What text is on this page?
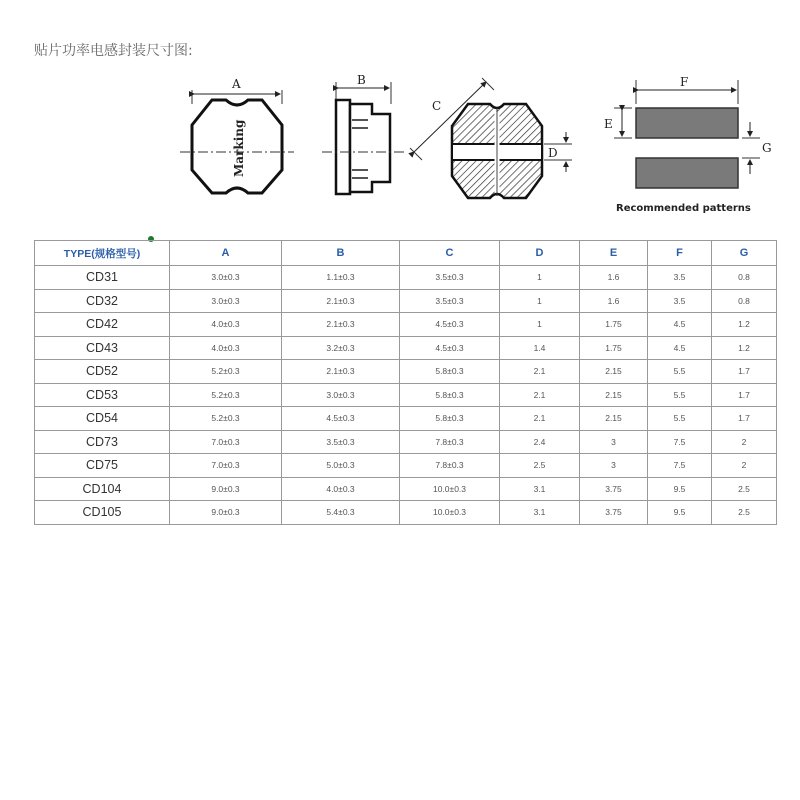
贴片功率电感封装尺寸图:
A
Marking
B
C
D
F
E
G
Recommended patterns
TYPE(规格型号)	A	B	C	D	E	F	G
CD31	3.0±0.3	1.1±0.3	3.5±0.3	1	1.6	3.5	0.8
CD32	3.0±0.3	2.1±0.3	3.5±0.3	1	1.6	3.5	0.8
CD42	4.0±0.3	2.1±0.3	4.5±0.3	1	1.75	4.5	1.2
CD43	4.0±0.3	3.2±0.3	4.5±0.3	1.4	1.75	4.5	1.2
CD52	5.2±0.3	2.1±0.3	5.8±0.3	2.1	2.15	5.5	1.7
CD53	5.2±0.3	3.0±0.3	5.8±0.3	2.1	2.15	5.5	1.7
CD54	5.2±0.3	4.5±0.3	5.8±0.3	2.1	2.15	5.5	1.7
CD73	7.0±0.3	3.5±0.3	7.8±0.3	2.4	3	7.5	2
CD75	7.0±0.3	5.0±0.3	7.8±0.3	2.5	3	7.5	2
CD104	9.0±0.3	4.0±0.3	10.0±0.3	3.1	3.75	9.5	2.5
CD105	9.0±0.3	5.4±0.3	10.0±0.3	3.1	3.75	9.5	2.5
